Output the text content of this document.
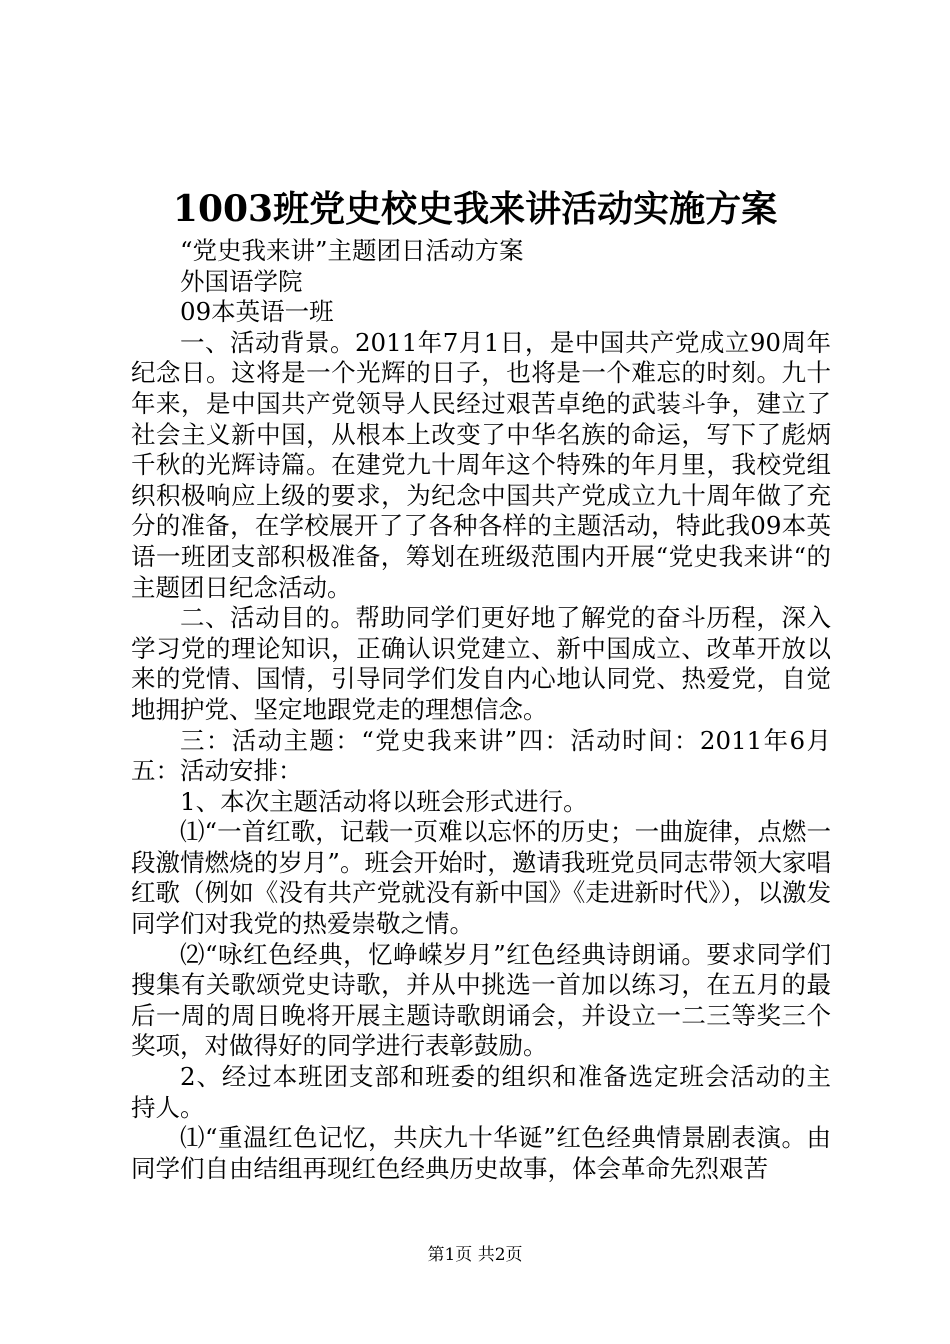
1003班党史校史我来讲活动实施方案

“党史我来讲”主题团日活动方案

外国语学院

09本英语一班

一、活动背景。2011年7月1日，是中国共产党成立90周年纪念日。这将是一个光辉的日子，也将是一个难忘的时刻。九十年来，是中国共产党领导人民经过艰苦卓绝的武装斗争，建立了社会主义新中国，从根本上改变了中华名族的命运，写下了彪炳千秋的光辉诗篇。在建党九十周年这个特殊的年月里，我校党组织积极响应上级的要求，为纪念中国共产党成立九十周年做了充分的准备，在学校展开了了各种各样的主题活动，特此我09本英语一班团支部积极准备，筹划在班级范围内开展“党史我来讲“的主题团日纪念活动。

二、活动目的。帮助同学们更好地了解党的奋斗历程，深入学习党的理论知识，正确认识党建立、新中国成立、改革开放以来的党情、国情，引导同学们发自内心地认同党、热爱党，自觉地拥护党、坚定地跟党走的理想信念。

三：活动主题：“党史我来讲”四：活动时间：2011年6月五：活动安排：

1、本次主题活动将以班会形式进行。

⑴“一首红歌，记载一页难以忘怀的历史；一曲旋律，点燃一段激情燃烧的岁月”。班会开始时，邀请我班党员同志带领大家唱红歌（例如《没有共产党就没有新中国》《走进新时代》），以激发同学们对我党的热爱崇敬之情。

⑵“咏红色经典，忆峥嵘岁月”红色经典诗朗诵。要求同学们搜集有关歌颂党史诗歌，并从中挑选一首加以练习，在五月的最后一周的周日晚将开展主题诗歌朗诵会，并设立一二三等奖三个奖项，对做得好的同学进行表彰鼓励。

2、经过本班团支部和班委的组织和准备选定班会活动的主持人。

⑴“重温红色记忆，共庆九十华诞”红色经典情景剧表演。由同学们自由结组再现红色经典历史故事，体会革命先烈艰苦

第1页 共2页
